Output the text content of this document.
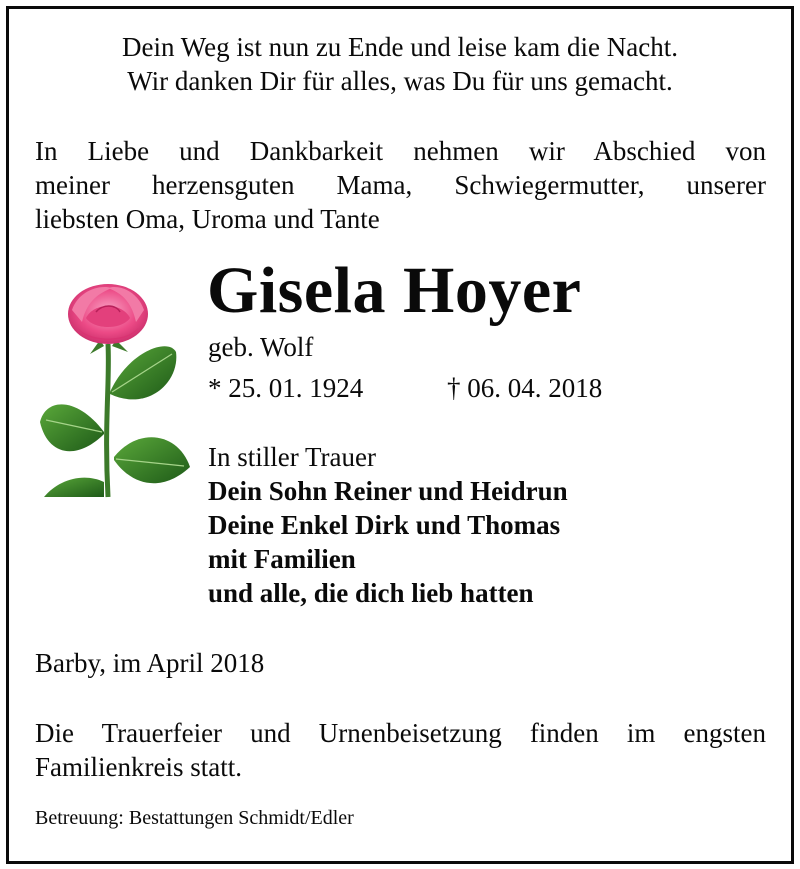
Dein Weg ist nun zu Ende und leise kam die Nacht.
Wir danken Dir für alles, was Du für uns gemacht.
In Liebe und Dankbarkeit nehmen wir Abschied von
meiner herzensguten Mama, Schwiegermutter, unserer
liebsten Oma, Uroma und Tante
Gisela Hoyer
geb. Wolf
* 25. 01. 1924	† 06. 04. 2018
In stiller Trauer
Dein Sohn Reiner und Heidrun
Deine Enkel Dirk und Thomas
mit Familien
und alle, die dich lieb hatten
Barby, im April 2018
Die Trauerfeier und Urnenbeisetzung finden im engsten
Familienkreis statt.
Betreuung: Bestattungen Schmidt/Edler
